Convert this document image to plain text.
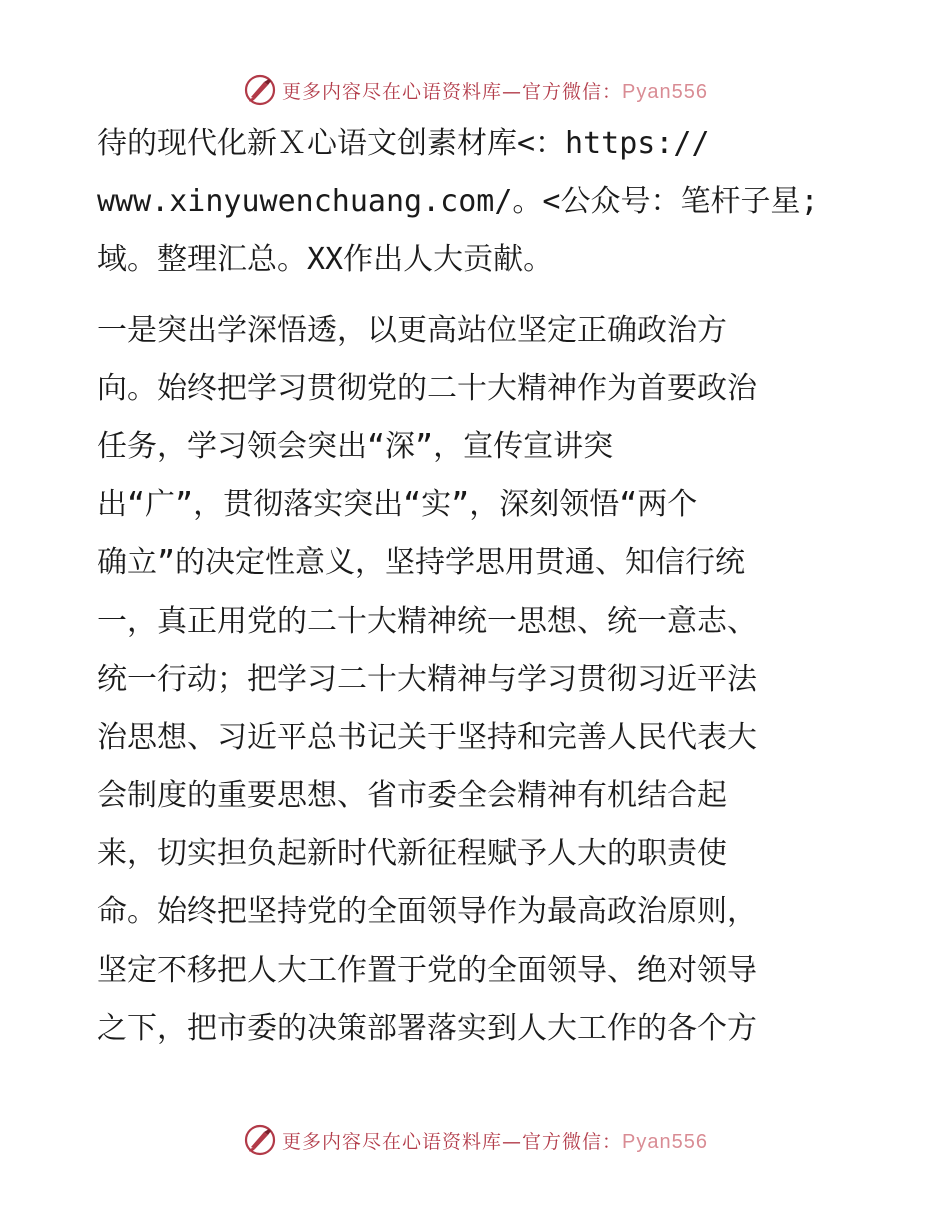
更多内容尽在心语资料库—官方微信：Pyan556
待的现代化新Ｘ心语文创素材库<：https://
www.xinyuwenchuang.com/。<公众号：笔杆子星;
域。整理汇总。XX作出人大贡献。
一是突出学深悟透，以更高站位坚定正确政治方
向。始终把学习贯彻党的二十大精神作为首要政治
任务，学习领会突出“深”，宣传宣讲突
出“广”，贯彻落实突出“实”，深刻领悟“两个
确立”的决定性意义，坚持学思用贯通、知信行统
一，真正用党的二十大精神统一思想、统一意志、
统一行动；把学习二十大精神与学习贯彻习近平法
治思想、习近平总书记关于坚持和完善人民代表大
会制度的重要思想、省市委全会精神有机结合起
来，切实担负起新时代新征程赋予人大的职责使
命。始终把坚持党的全面领导作为最高政治原则，
坚定不移把人大工作置于党的全面领导、绝对领导
之下，把市委的决策部署落实到人大工作的各个方
更多内容尽在心语资料库—官方微信：Pyan556
